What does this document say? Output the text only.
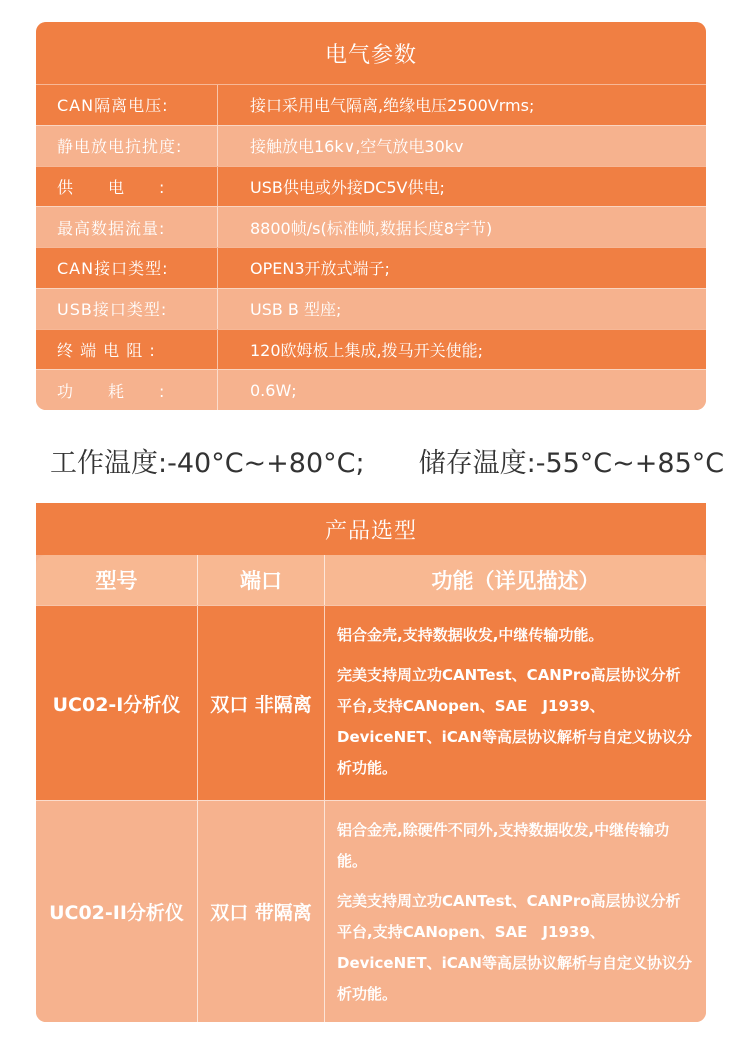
电气参数
CAN隔离电压:	接口采用电气隔离,绝缘电压2500Vrms;
静电放电抗扰度:	接触放电16k∨,空气放电30kv
供　　电　　:	USB供电或外接DC5V供电;
最高数据流量:	8800帧/s(标准帧,数据长度8字节)
CAN接口类型:	OPEN3开放式端子;
USB接口类型:	USB B 型座;
终 端 电 阻 :	120欧姆板上集成,拨马开关使能;
功　　耗　　:	0.6W;
工作温度:-40°C~+80°C; 储存温度:-55°C~+85°C
产品选型
型号	端口	功能（详见描述）
UC02-I分析仪	双口 非隔离

铝合金壳,支持数据收发,中继传输功能。

完美支持周立功CANTest、CANPro高层协议分析平台,支持CANopen、SAE　J1939、DeviceNET、iCAN等高层协议解析与自定义协议分析功能。

UC02-II分析仪	双口 带隔离

铝合金壳,除硬件不同外,支持数据收发,中继传输功能。

完美支持周立功CANTest、CANPro高层协议分析平台,支持CANopen、SAE　J1939、DeviceNET、iCAN等高层协议解析与自定义协议分析功能。
